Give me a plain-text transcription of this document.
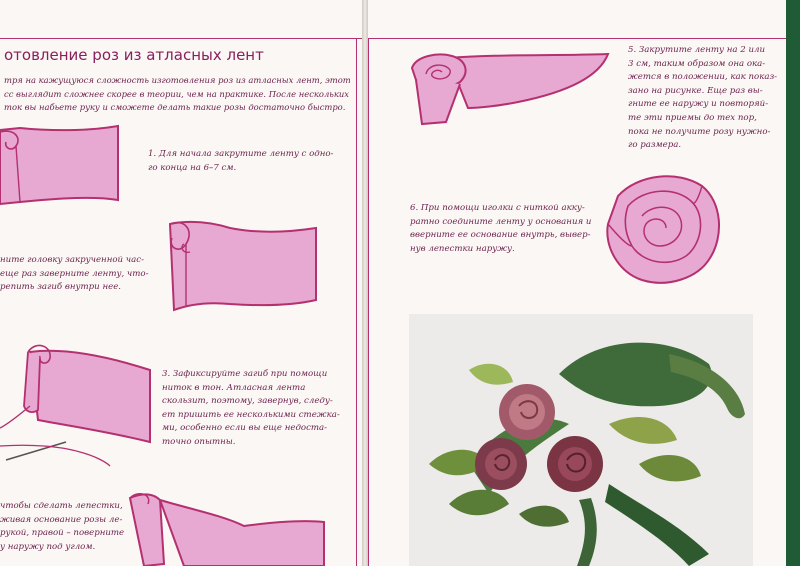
отовление роз из атласных лент
тря на кажущуюся сложность изготовления роз из атласных лент, этот
сс выглядит сложнее скорее в теории, чем на практике. После нескольких
ток вы набьете руку и сможете делать такие розы достаточно быстро.
1. Для начала закрутите ленту с одно-
го конца на 6–7 см.
ните головку закрученной час-
еще раз заверните ленту, что-
репить загиб внутри нее.
3. Зафиксируйте загиб при помощи
ниток в тон. Атласная лента
скользит, поэтому, завернув, следу-
ет пришить ее несколькими стежка-
ми, особенно если вы еще недоста-
точно опытны.
чтобы сделать лепестки,
живая основание розы ле-
рукой, правой – поверните
у наружу под углом.
5. Закрутите ленту на 2 или
3 см, таким образом она ока-
жется в положении, как показ-
зано на рисунке. Еще раз вы-
гните ее наружу и повторяй-
те эти приемы до тех пор,
пока не получите розу нужно-
го размера.
6. При помощи иголки с ниткой акку-
ратно соедините ленту у основания и
вверните ее основание внутрь, вывер-
нув лепестки наружу.
